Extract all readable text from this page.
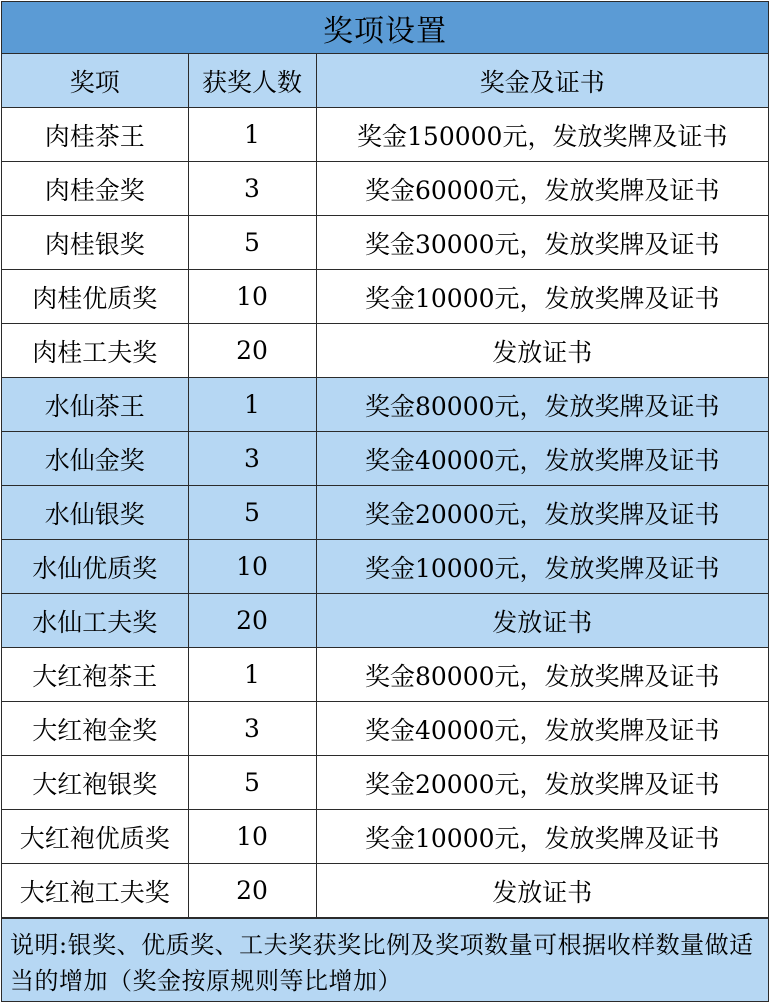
奖项设置
奖项	获奖人数	奖金及证书
肉桂茶王	1	奖金150000元，发放奖牌及证书
肉桂金奖	3	奖金60000元，发放奖牌及证书
肉桂银奖	5	奖金30000元，发放奖牌及证书
肉桂优质奖	10	奖金10000元，发放奖牌及证书
肉桂工夫奖	20	发放证书
水仙茶王	1	奖金80000元，发放奖牌及证书
水仙金奖	3	奖金40000元，发放奖牌及证书
水仙银奖	5	奖金20000元，发放奖牌及证书
水仙优质奖	10	奖金10000元，发放奖牌及证书
水仙工夫奖	20	发放证书
大红袍茶王	1	奖金80000元，发放奖牌及证书
大红袍金奖	3	奖金40000元，发放奖牌及证书
大红袍银奖	5	奖金20000元，发放奖牌及证书
大红袍优质奖	10	奖金10000元，发放奖牌及证书
大红袍工夫奖	20	发放证书
说明:银奖、优质奖、工夫奖获奖比例及奖项数量可根据收样数量做适当的增加（奖金按原规则等比增加）
